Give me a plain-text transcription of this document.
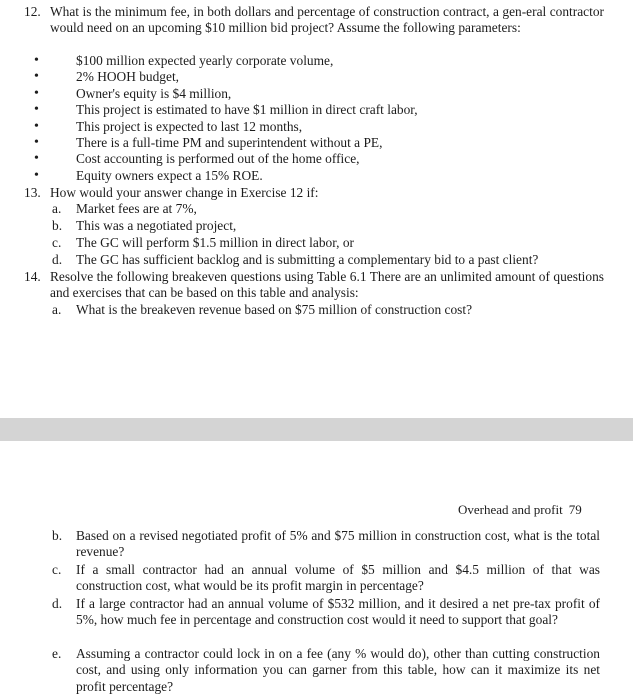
12. What is the minimum fee, in both dollars and percentage of construction contract, a gen-eral contractor would need on an upcoming $10 million bid project? Assume the following parameters:
• $100 million expected yearly corporate volume,
• 2% HOOH budget,
• Owner's equity is $4 million,
• This project is estimated to have $1 million in direct craft labor,
• This project is expected to last 12 months,
• There is a full-time PM and superintendent without a PE,
• Cost accounting is performed out of the home office,
• Equity owners expect a 15% ROE.
13. How would your answer change in Exercise 12 if:
a. Market fees are at 7%,
b. This was a negotiated project,
c. The GC will perform $1.5 million in direct labor, or
d. The GC has sufficient backlog and is submitting a complementary bid to a past client?
14. Resolve the following breakeven questions using Table 6.1 There are an unlimited amount of questions and exercises that can be based on this table and analysis:
a. What is the breakeven revenue based on $75 million of construction cost?
Overhead and profit 79
b. Based on a revised negotiated profit of 5% and $75 million in construction cost, what is the total revenue?
c. If a small contractor had an annual volume of $5 million and $4.5 million of that was construction cost, what would be its profit margin in percentage?
d. If a large contractor had an annual volume of $532 million, and it desired a net pre-tax profit of 5%, how much fee in percentage and construction cost would it need to support that goal?
e. Assuming a contractor could lock in on a fee (any % would do), other than cutting construction cost, and using only information you can garner from this table, how can it maximize its net profit percentage?
